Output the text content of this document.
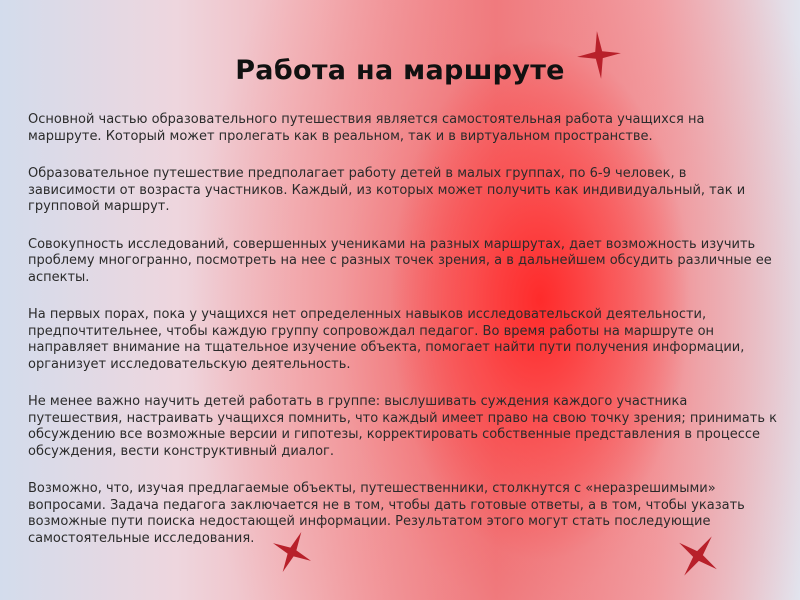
Работа на маршруте

Основной частью образовательного путешествия является самостоятельная работа учащихся на маршруте. Который может пролегать как в реальном, так и в виртуальном пространстве.

Образовательное путешествие предполагает работу детей в малых группах, по 6-9 человек, в зависимости от возраста участников. Каждый, из которых может получить как индивидуальный, так и групповой маршрут.

Совокупность исследований, совершенных учениками на разных маршрутах, дает возможность изучить проблему многогранно, посмотреть на нее с разных точек зрения, а в дальнейшем обсудить различные ее аспекты.

На первых порах, пока у учащихся нет определенных навыков исследовательской деятельности, предпочтительнее, чтобы каждую группу сопровождал педагог. Во время работы на маршруте он направляет внимание на тщательное изучение объекта, помогает найти пути получения информации, организует исследовательскую деятельность.

Не менее важно научить детей работать в группе: выслушивать суждения каждого участника путешествия, настраивать учащихся помнить, что каждый имеет право на свою точку зрения; принимать к обсуждению все возможные версии и гипотезы, корректировать собственные представления в процессе обсуждения, вести конструктивный диалог.

Возможно, что, изучая предлагаемые объекты, путешественники, столкнутся с «неразрешимыми» вопросами. Задача педагога заключается не в том, чтобы дать готовые ответы, а в том, чтобы указать возможные пути поиска недостающей информации. Результатом этого могут стать последующие самостоятельные исследования.
